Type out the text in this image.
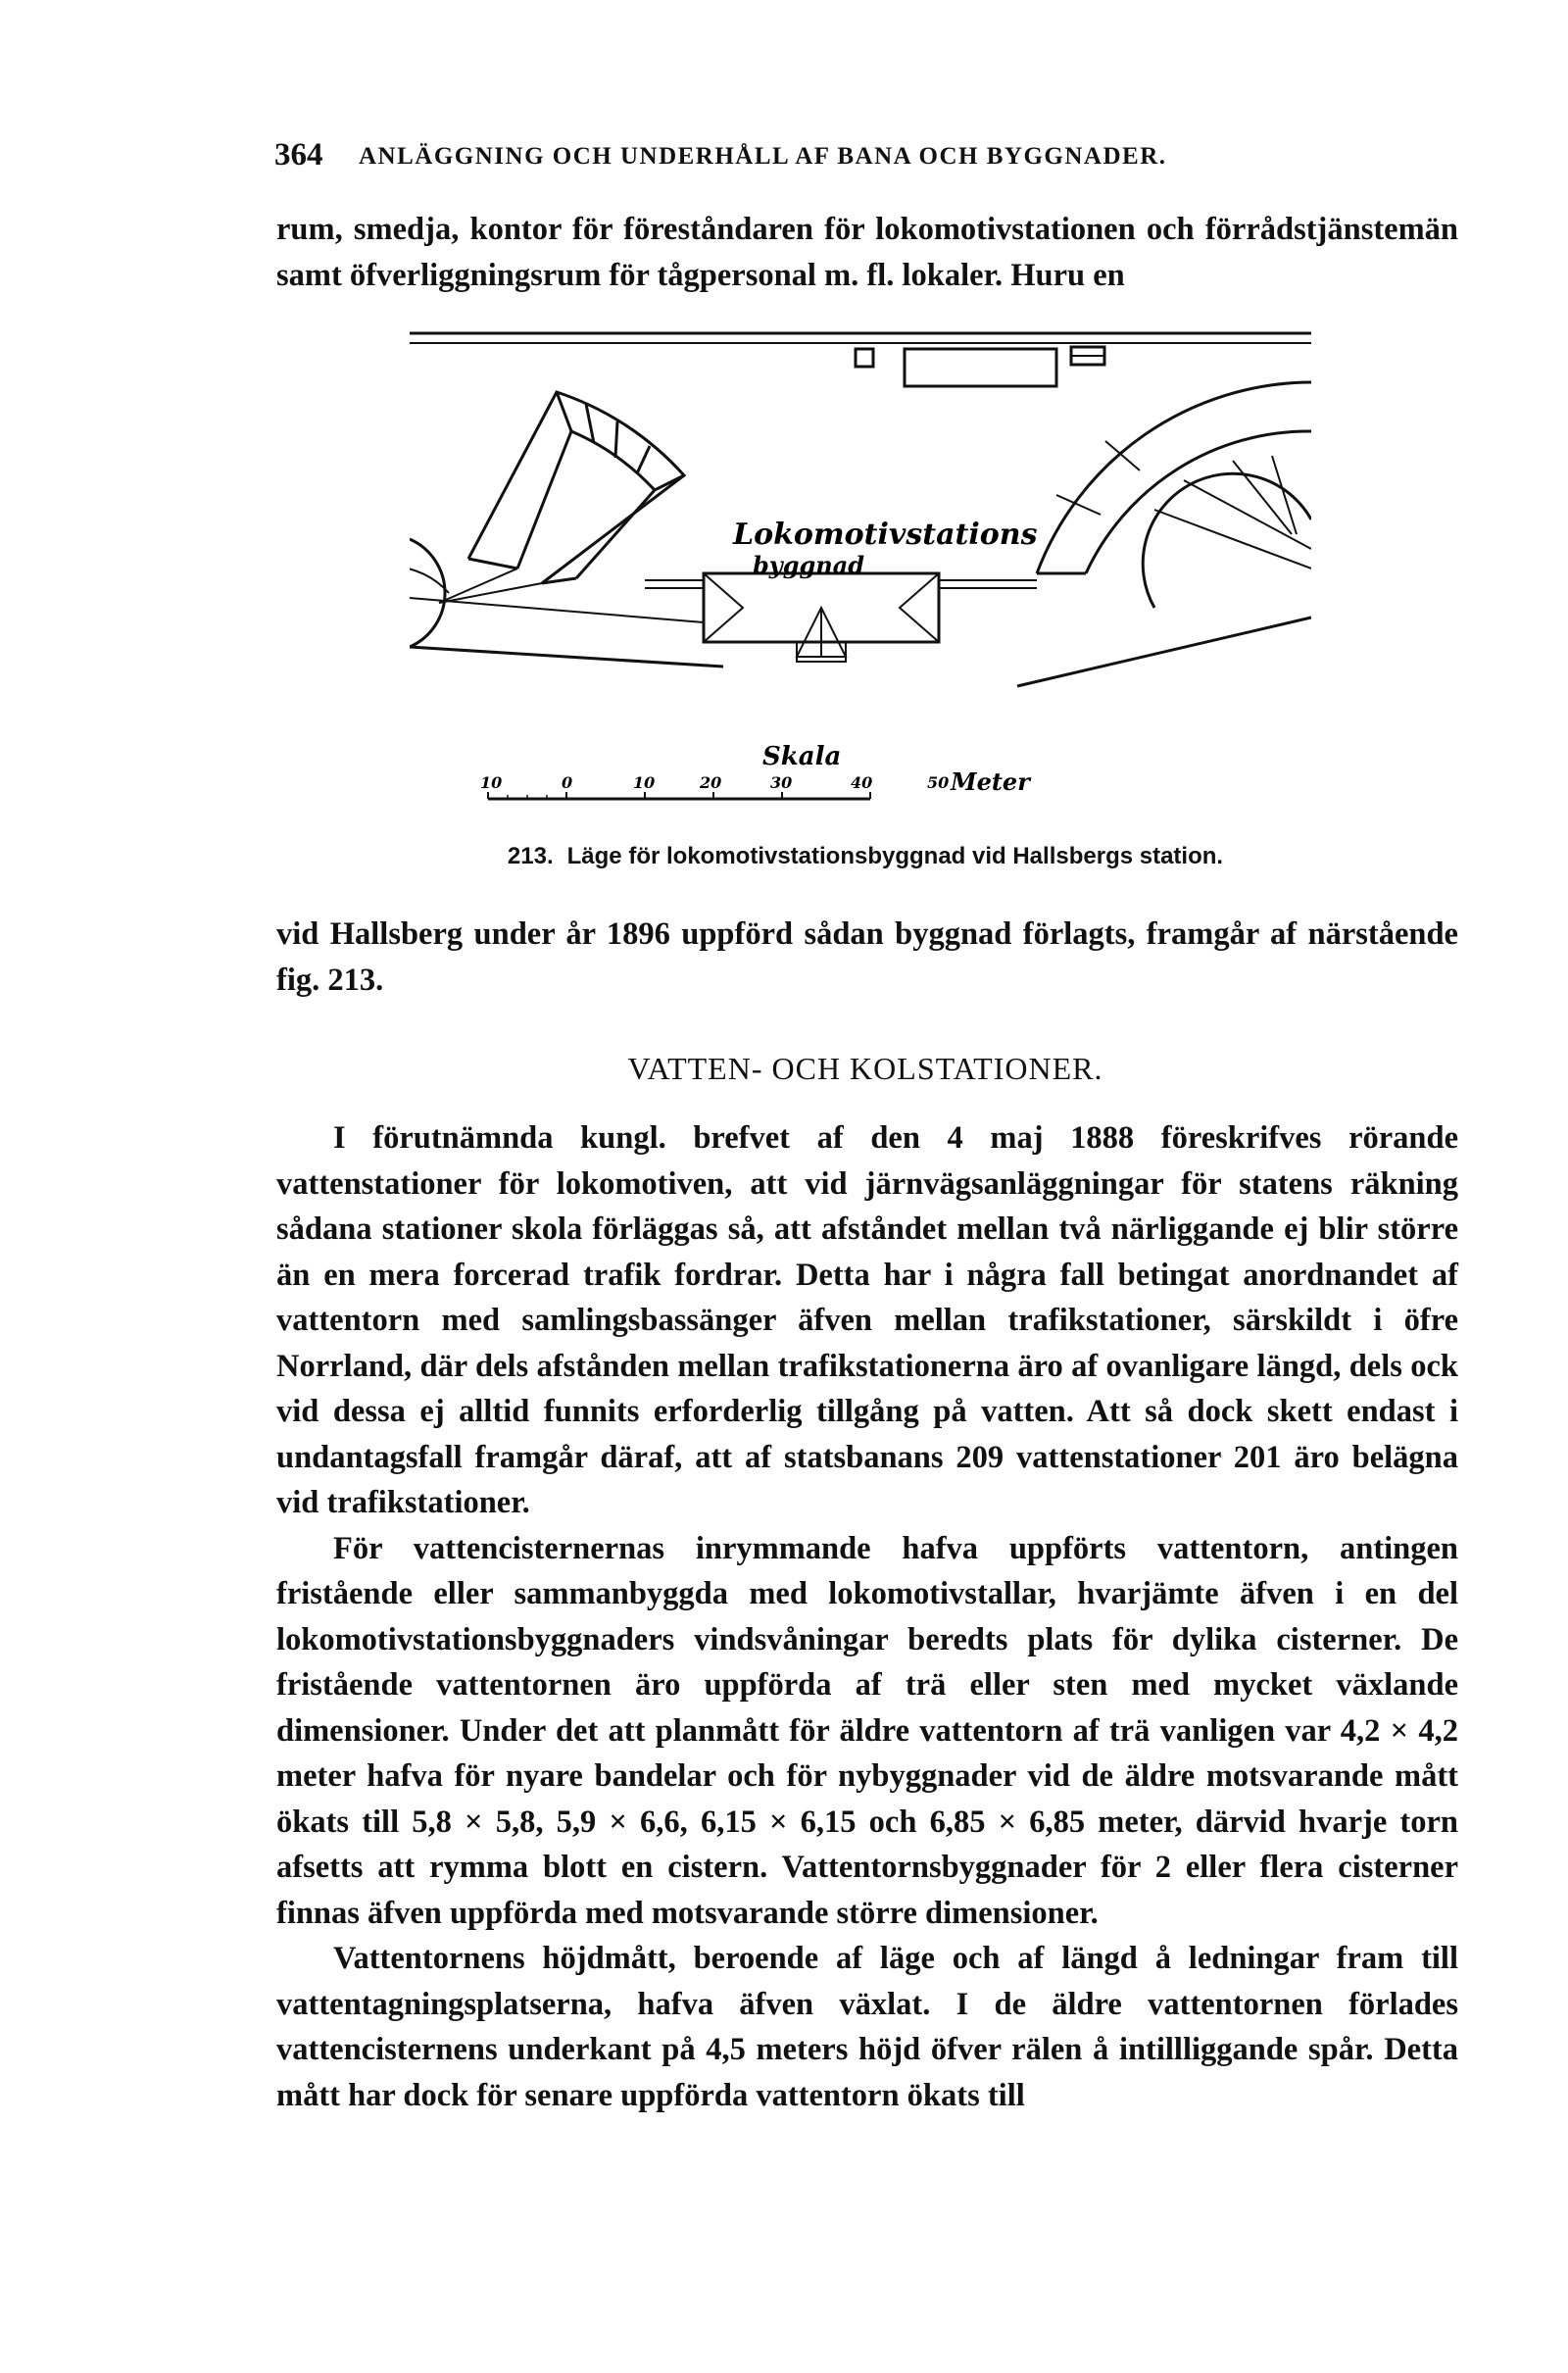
364 ANLÄGGNING OCH UNDERHÅLL AF BANA OCH BYGGNADER.

rum, smedja, kontor för föreståndaren för lokomotivstationen och förrådstjänstemän samt öfverliggningsrum för tågpersonal m. fl. lokaler. Huru en

Lokomotivstations
byggnad
Skala
10	0	10	20	30	40	50 Meter
213. Läge för lokomotivstationsbyggnad vid Hallsbergs station.

vid Hallsberg under år 1896 uppförd sådan byggnad förlagts, framgår af närstående fig. 213.

VATTEN- OCH KOLSTATIONER.

I förutnämnda kungl. brefvet af den 4 maj 1888 föreskrifves rörande vattenstationer för lokomotiven, att vid järnvägsanläggningar för statens räkning sådana stationer skola förläggas så, att afståndet mellan två närliggande ej blir större än en mera forcerad trafik fordrar. Detta har i några fall betingat anordnandet af vattentorn med samlingsbassänger äfven mellan trafikstationer, särskildt i öfre Norrland, där dels afstånden mellan trafikstationerna äro af ovanligare längd, dels ock vid dessa ej alltid funnits erforderlig tillgång på vatten. Att så dock skett endast i undantagsfall framgår däraf, att af statsbanans 209 vattenstationer 201 äro belägna vid trafikstationer.

För vattencisternernas inrymmande hafva uppförts vattentorn, antingen fristående eller sammanbyggda med lokomotivstallar, hvarjämte äfven i en del lokomotivstationsbyggnaders vindsvåningar beredts plats för dylika cisterner. De fristående vattentornen äro uppförda af trä eller sten med mycket växlande dimensioner. Under det att planmått för äldre vattentorn af trä vanligen var 4,2 × 4,2 meter hafva för nyare bandelar och för nybyggnader vid de äldre motsvarande mått ökats till 5,8 × 5,8, 5,9 × 6,6, 6,15 × 6,15 och 6,85 × 6,85 meter, därvid hvarje torn afsetts att rymma blott en cistern. Vattentornsbyggnader för 2 eller flera cisterner finnas äfven uppförda med motsvarande större dimensioner.

Vattentornens höjdmått, beroende af läge och af längd å ledningar fram till vattentagningsplatserna, hafva äfven växlat. I de äldre vattentornen förlades vattencisternens underkant på 4,5 meters höjd öfver rälen å intillliggande spår. Detta mått har dock för senare uppförda vattentorn ökats till
